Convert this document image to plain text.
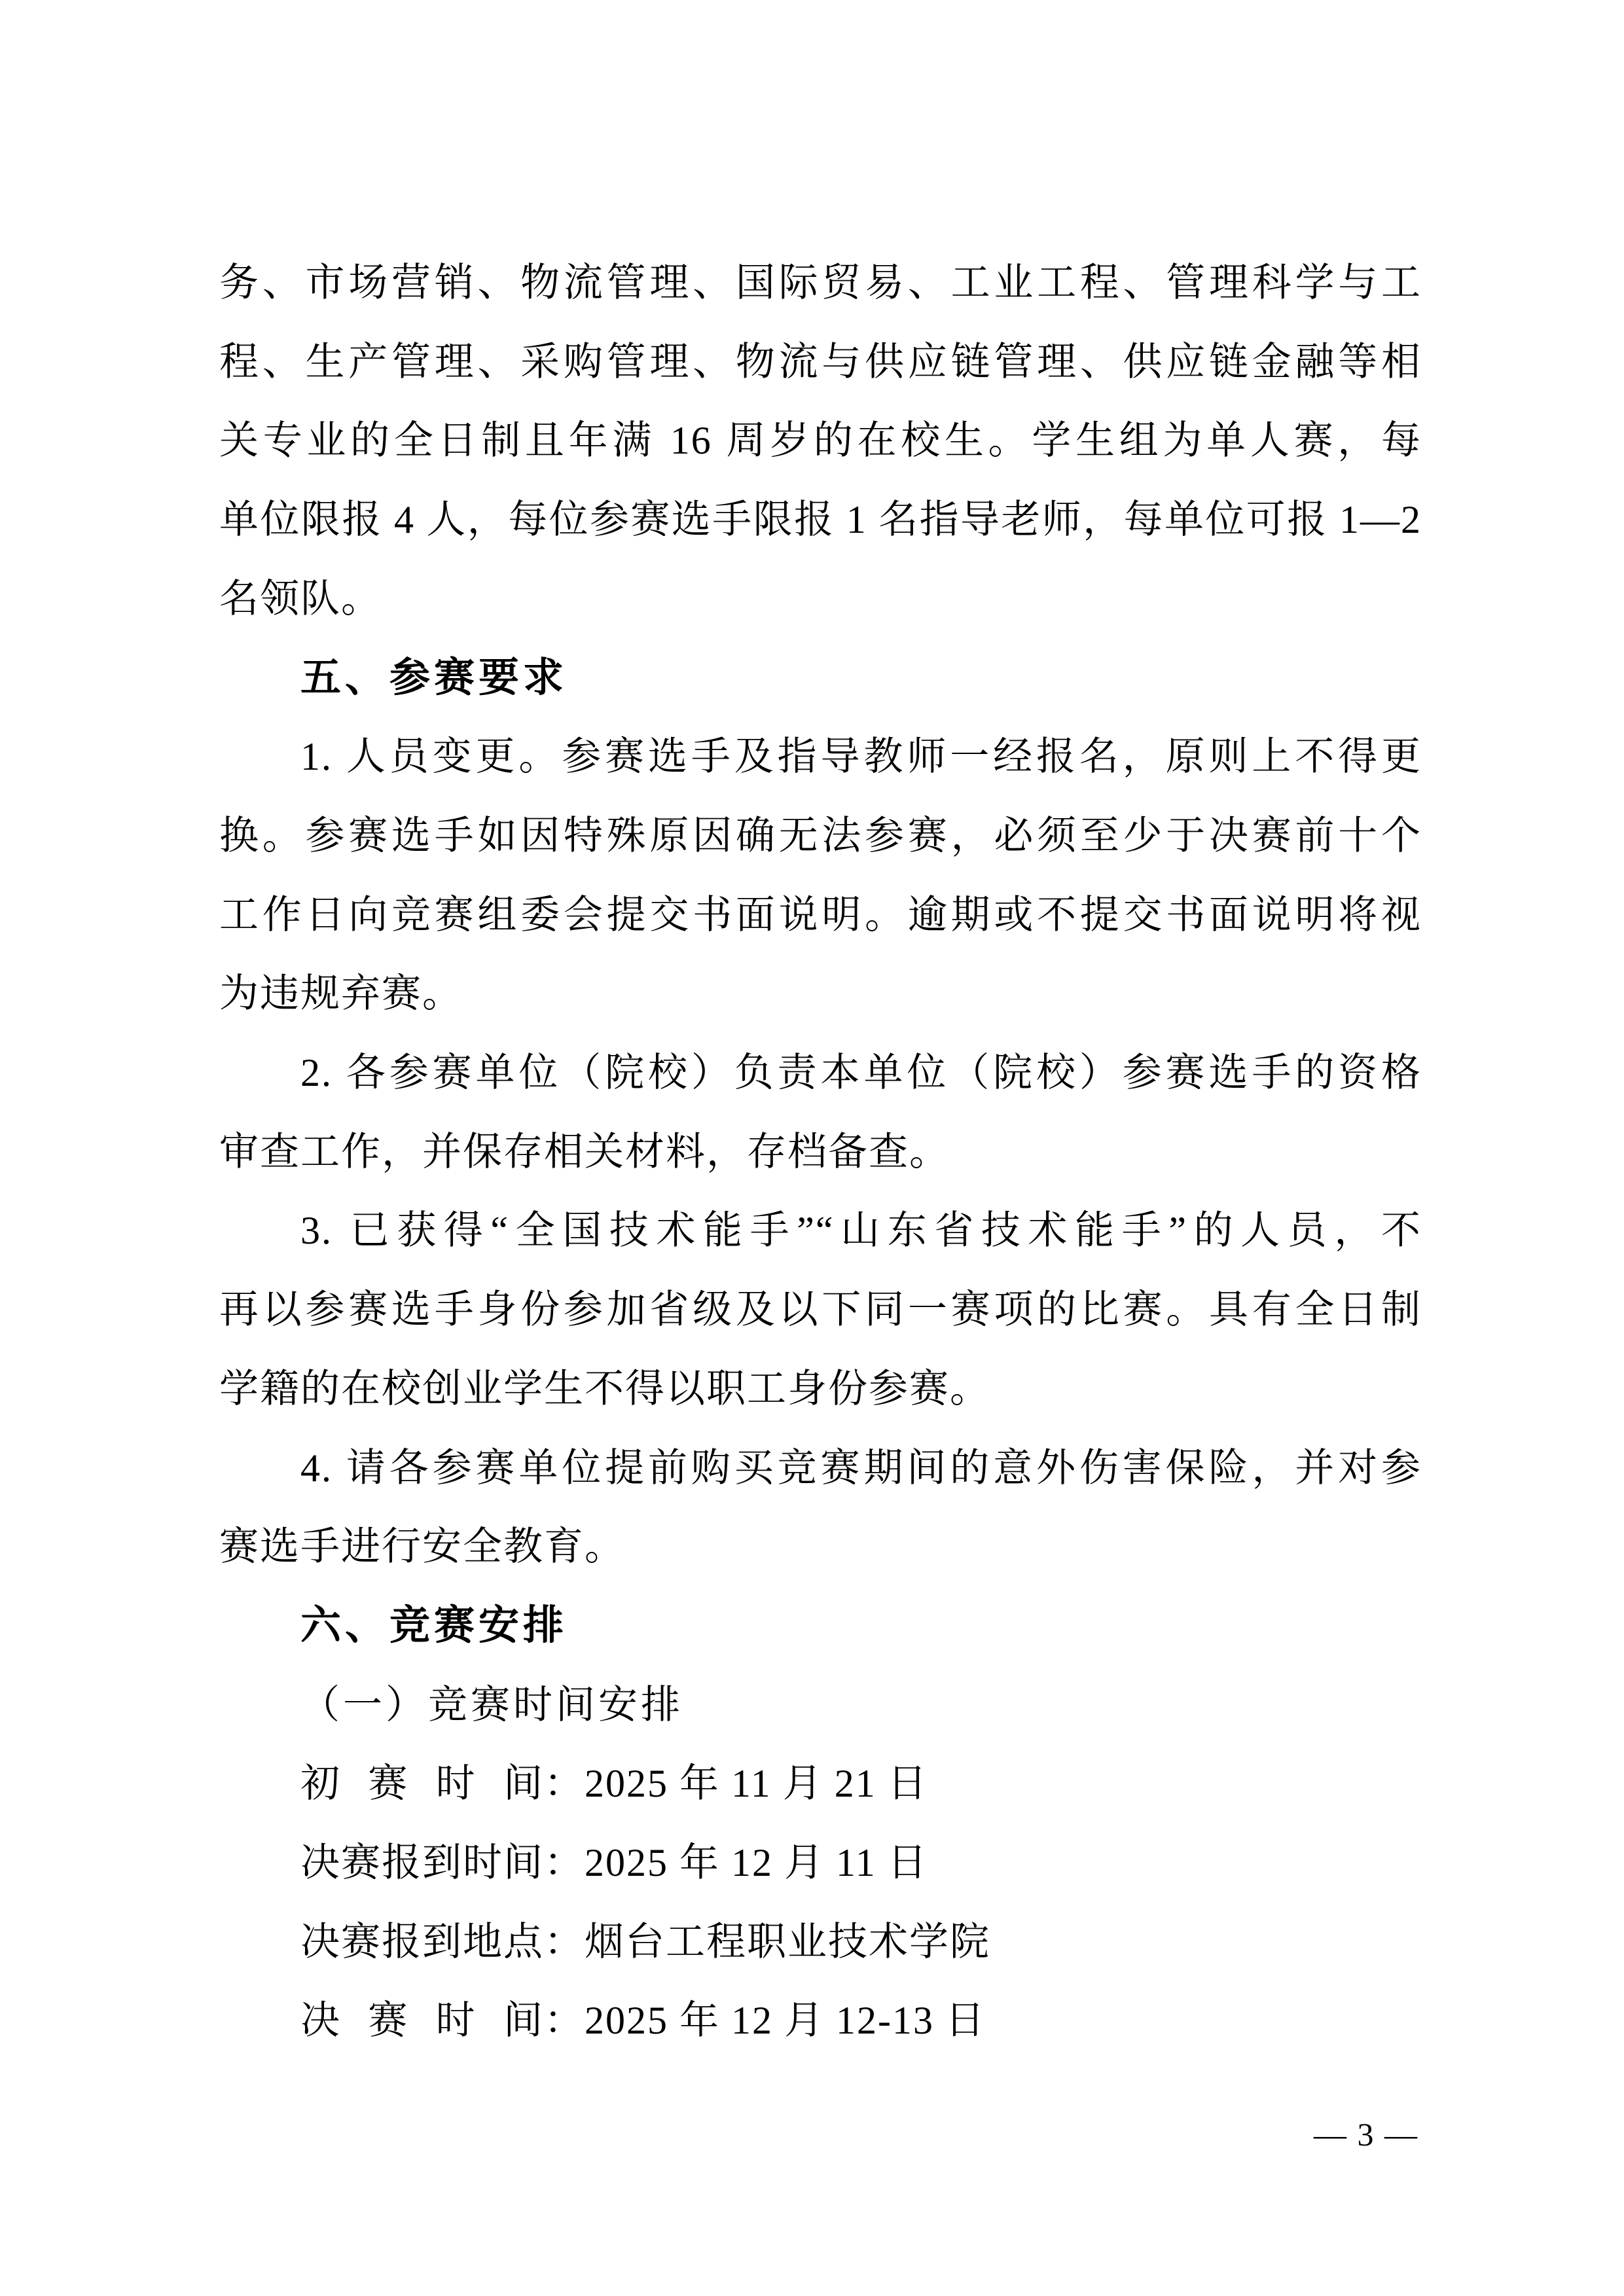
务、市场营销、物流管理、国际贸易、工业工程、管理科学与工
程、生产管理、采购管理、物流与供应链管理、供应链金融等相
关专业的全日制且年满 16 周岁的在校生。学生组为单人赛，每
单位限报 4 人，每位参赛选手限报 1 名指导老师，每单位可报 1—2
名领队。
五、参赛要求
1. 人员变更。参赛选手及指导教师一经报名，原则上不得更
换。参赛选手如因特殊原因确无法参赛，必须至少于决赛前十个
工作日向竞赛组委会提交书面说明。逾期或不提交书面说明将视
为违规弃赛。
2. 各参赛单位（院校）负责本单位（院校）参赛选手的资格
审查工作，并保存相关材料，存档备查。
3. 已获得“全国技术能手”“山东省技术能手”的人员，不
再以参赛选手身份参加省级及以下同一赛项的比赛。具有全日制
学籍的在校创业学生不得以职工身份参赛。
4. 请各参赛单位提前购买竞赛期间的意外伤害保险，并对参
赛选手进行安全教育。
六、竞赛安排
（一）竞赛时间安排
初赛时间：2025 年 11 月 21 日
决赛报到时间：2025 年 12 月 11 日
决赛报到地点：烟台工程职业技术学院
决赛时间：2025 年 12 月 12-13 日
— 3 —
